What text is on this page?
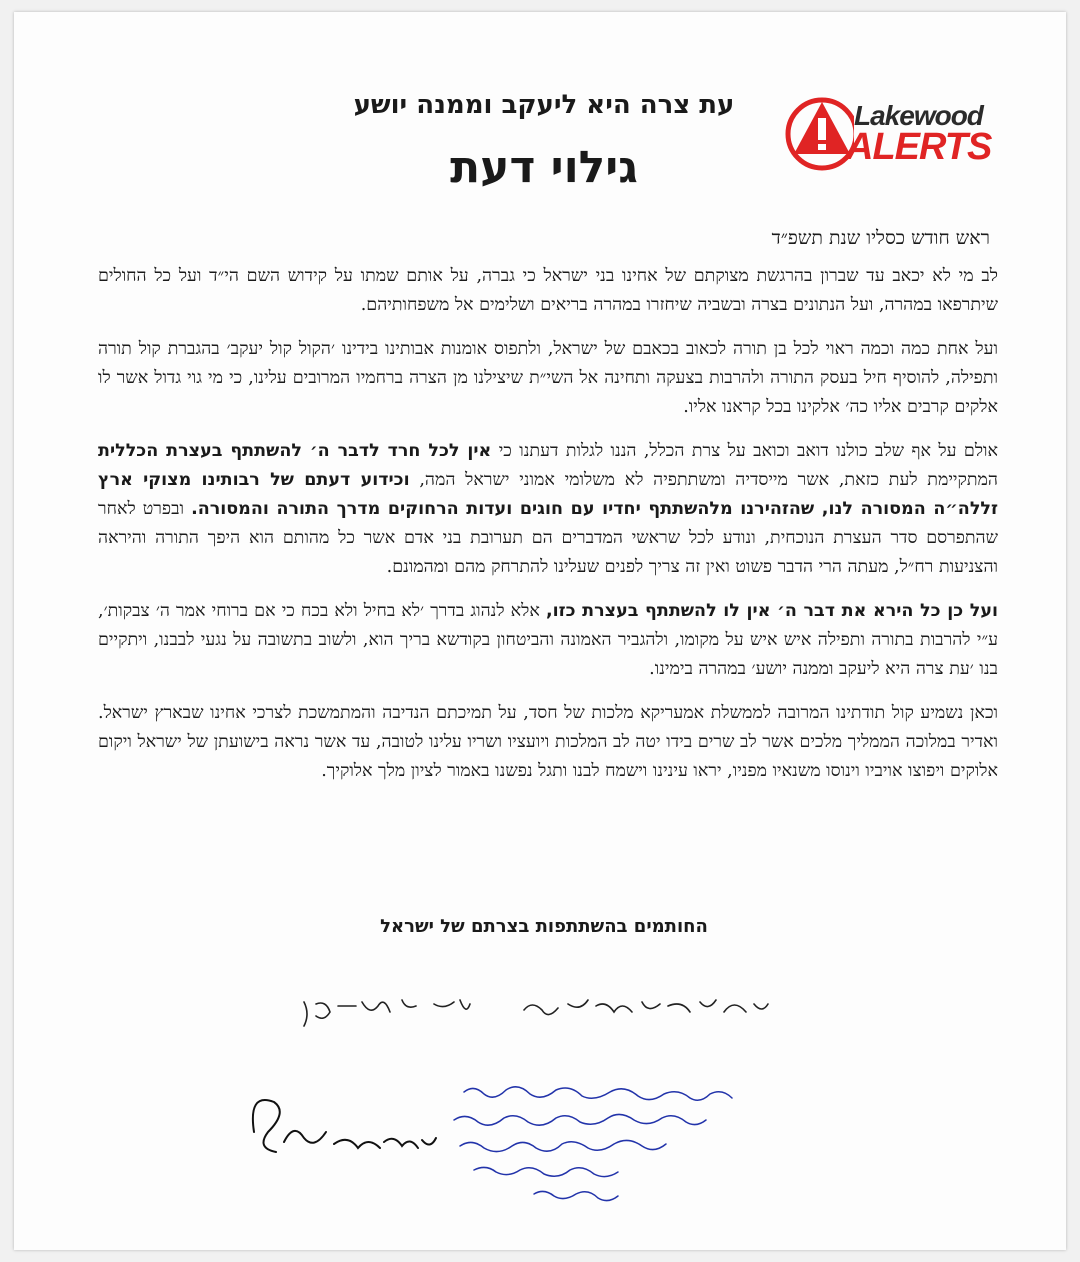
Lakewood
ALERTS
עת צרה היא ליעקב וממנה יושע
גילוי דעת
ראש חודש כסליו שנת תשפ״ד

לב מי לא יכאב עד שברון בהרגשת מצוקתם של אחינו בני ישראל כי גברה, על אותם שמתו על קידוש השם הי״ד ועל כל החולים שיתרפאו במהרה, ועל הנתונים בצרה ובשביה שיחזרו במהרה בריאים ושלימים אל משפחותיהם.

ועל אחת כמה וכמה ראוי לכל בן תורה לכאוב בכאבם של ישראל, ולתפוס אומנות אבותינו בידינו ׳הקול קול יעקב׳ בהגברת קול תורה ותפילה, להוסיף חיל בעסק התורה ולהרבות בצעקה ותחינה אל השי״ת שיצילנו מן הצרה ברחמיו המרובים עלינו, כי מי גוי גדול אשר לו אלקים קרבים אליו כה׳ אלקינו בכל קראנו אליו.

אולם על אף שלב כולנו דואב וכואב על צרת הכלל, הננו לגלות דעתנו כי אין לכל חרד לדבר ה׳ להשתתף בעצרת הכללית המתקיימת לעת כזאת, אשר מייסדיה ומשתתפיה לא משלומי אמוני ישראל המה, וכידוע דעתם של רבותינו מצוקי ארץ זללה״ה המסורה לנו, שהזהירנו מלהשתתף יחדיו עם חוגים ועדות הרחוקים מדרך התורה והמסורה. ובפרט לאחר שהתפרסם סדר העצרת הנוכחית, ונודע לכל שראשי המדברים הם תערובת בני אדם אשר כל מהותם הוא היפך התורה והיראה והצניעות רח״ל, מעתה הרי הדבר פשוט ואין זה צריך לפנים שעלינו להתרחק מהם ומהמונם.

ועל כן כל הירא את דבר ה׳ אין לו להשתתף בעצרת כזו, אלא לנהוג בדרך ׳לא בחיל ולא בכח כי אם ברוחי אמר ה׳ צבקות׳, ע״י להרבות בתורה ותפילה איש איש על מקומו, ולהגביר האמונה והביטחון בקודשא בריך הוא, ולשוב בתשובה על נגעי לבבנו, ויתקיים בנו ׳עת צרה היא ליעקב וממנה יושע׳ במהרה בימינו.

וכאן נשמיע קול תודתינו המרובה לממשלת אמעריקא מלכות של חסד, על תמיכתם הנדיבה והמתמשכת לצרכי אחינו שבארץ ישראל. ואדיר במלוכה הממליך מלכים אשר לב שרים בידו יטה לב המלכות ויועציו ושריו עלינו לטובה, עד אשר נראה בישועתן של ישראל ויקום אלוקים ויפוצו אויביו וינוסו משנאיו מפניו, יראו עינינו וישמח לבנו ותגל נפשנו באמור לציון מלך אלוקיך.

החותמים בהשתתפות בצרתם של ישראל
